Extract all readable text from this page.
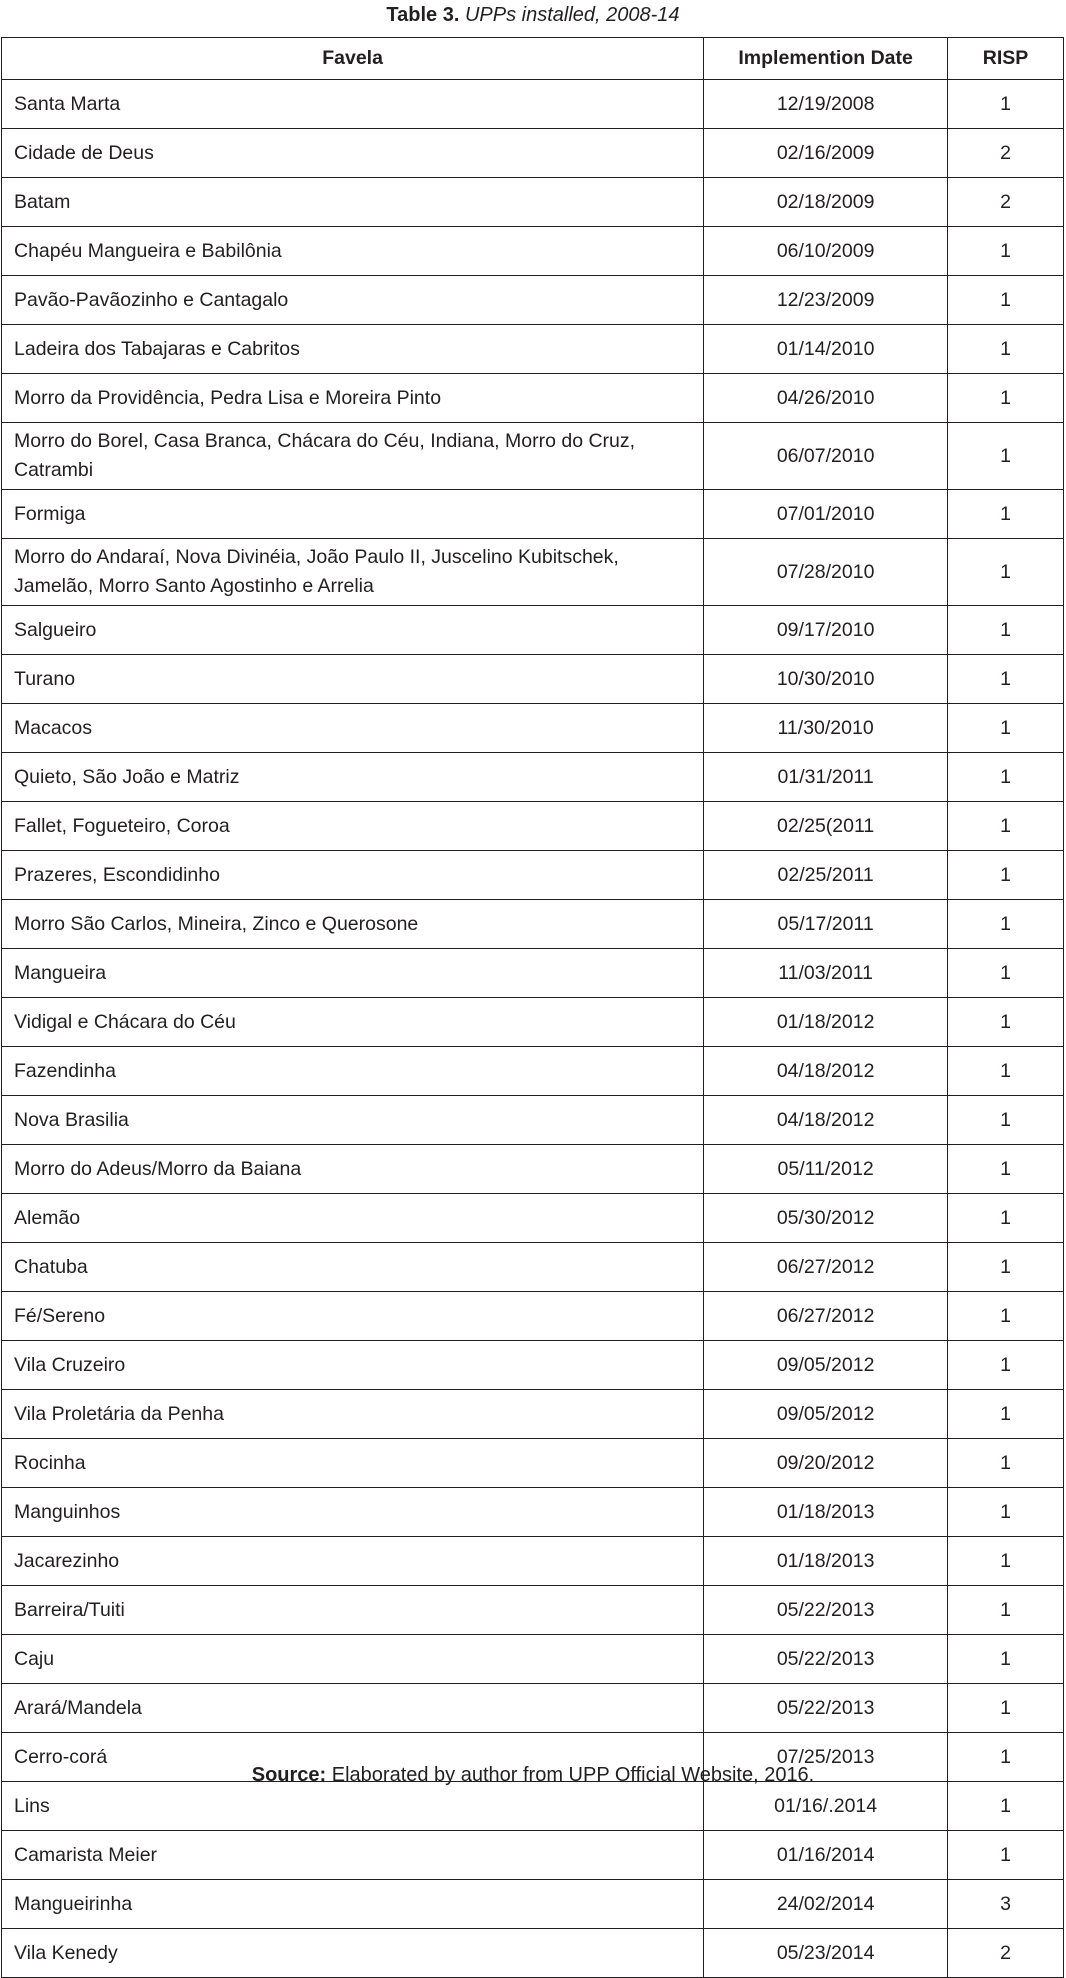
Table 3. UPPs installed, 2008-14
Favela	Implemention Date	RISP
Santa Marta	12/19/2008	1
Cidade de Deus	02/16/2009	2
Batam	02/18/2009	2
Chapéu Mangueira e Babilônia	06/10/2009	1
Pavão-Pavãozinho e Cantagalo	12/23/2009	1
Ladeira dos Tabajaras e Cabritos	01/14/2010	1
Morro da Providência, Pedra Lisa e Moreira Pinto	04/26/2010	1
Morro do Borel, Casa Branca, Chácara do Céu, Indiana, Morro do Cruz, Catrambi	06/07/2010	1
Formiga	07/01/2010	1
Morro do Andaraí, Nova Divinéia, João Paulo II, Juscelino Kubitschek, Jamelão, Morro Santo Agostinho e Arrelia	07/28/2010	1
Salgueiro	09/17/2010	1
Turano	10/30/2010	1
Macacos	11/30/2010	1
Quieto, São João e Matriz	01/31/2011	1
Fallet, Fogueteiro, Coroa	02/25(2011	1
Prazeres, Escondidinho	02/25/2011	1
Morro São Carlos, Mineira, Zinco e Querosone	05/17/2011	1
Mangueira	11/03/2011	1
Vidigal e Chácara do Céu	01/18/2012	1
Fazendinha	04/18/2012	1
Nova Brasilia	04/18/2012	1
Morro do Adeus/Morro da Baiana	05/11/2012	1
Alemão	05/30/2012	1
Chatuba	06/27/2012	1
Fé/Sereno	06/27/2012	1
Vila Cruzeiro	09/05/2012	1
Vila Proletária da Penha	09/05/2012	1
Rocinha	09/20/2012	1
Manguinhos	01/18/2013	1
Jacarezinho	01/18/2013	1
Barreira/Tuiti	05/22/2013	1
Caju	05/22/2013	1
Arará/Mandela	05/22/2013	1
Cerro-corá	07/25/2013	1
Lins	01/16/.2014	1
Camarista Meier	01/16/2014	1
Mangueirinha	24/02/2014	3
Vila Kenedy	05/23/2014	2
Source: Elaborated by author from UPP Official Website, 2016.
